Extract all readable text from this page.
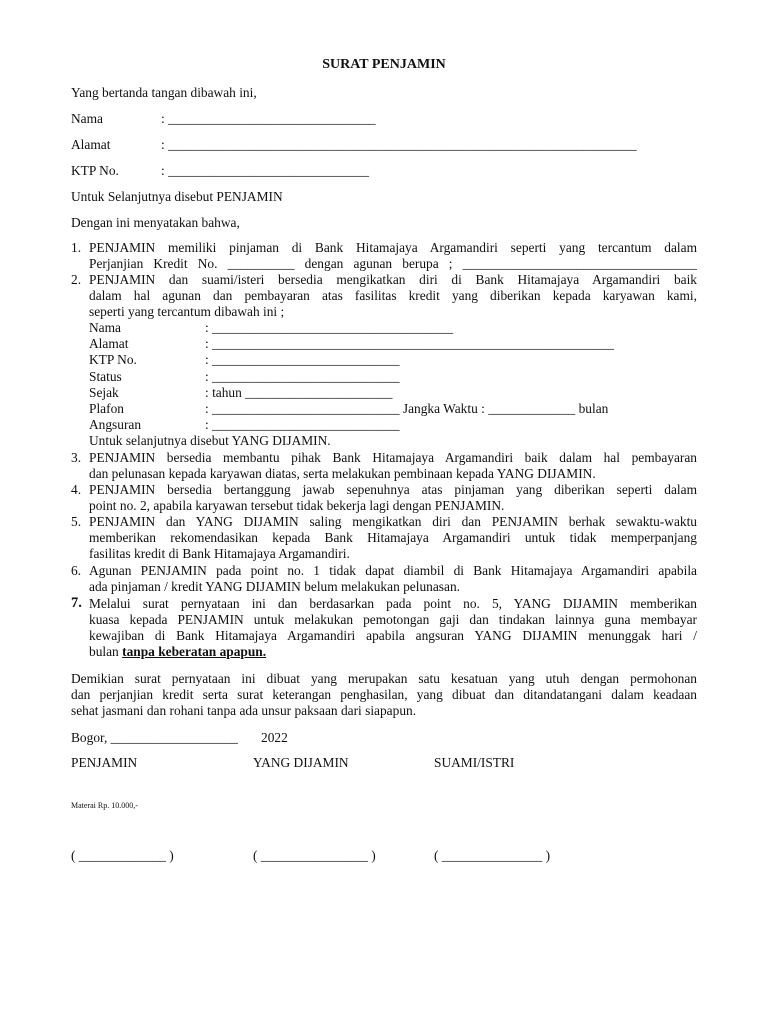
SURAT PENJAMIN
Yang bertanda tangan dibawah ini,
Nama	: _______________________________
Alamat	: ______________________________________________________________________
KTP No.	: ______________________________
Untuk Selanjutnya disebut PENJAMIN
Dengan ini menyatakan bahwa,
1. PENJAMIN memiliki pinjaman di Bank Hitamajaya Argamandiri seperti yang tercantum dalam
Perjanjian Kredit No. __________ dengan agunan berupa ; ___________________________________
2. PENJAMIN dan suami/isteri bersedia mengikatkan diri di Bank Hitamajaya Argamandiri baik
dalam hal agunan dan pembayaran atas fasilitas kredit yang diberikan kepada karyawan kami,
seperti yang tercantum dibawah ini ;
Nama	: ____________________________________
Alamat	: ____________________________________________________________
KTP No.	: ____________________________
Status	: ____________________________
Sejak	: tahun ______________________
Plafon	: ____________________________ Jangka Waktu : _____________ bulan
Angsuran	: ____________________________
Untuk selanjutnya disebut YANG DIJAMIN.
3. PENJAMIN bersedia membantu pihak Bank Hitamajaya Argamandiri baik dalam hal pembayaran
dan pelunasan kepada karyawan diatas, serta melakukan pembinaan kepada YANG DIJAMIN.
4. PENJAMIN bersedia bertanggung jawab sepenuhnya atas pinjaman yang diberikan seperti dalam
point no. 2, apabila karyawan tersebut tidak bekerja lagi dengan PENJAMIN.
5. PENJAMIN dan YANG DIJAMIN saling mengikatkan diri dan PENJAMIN berhak sewaktu-waktu
memberikan rekomendasikan kepada Bank Hitamajaya Argamandiri untuk tidak memperpanjang
fasilitas kredit di Bank Hitamajaya Argamandiri.
6. Agunan PENJAMIN pada point no. 1 tidak dapat diambil di Bank Hitamajaya Argamandiri apabila
ada pinjaman / kredit YANG DIJAMIN belum melakukan pelunasan.
7. Melalui surat pernyataan ini dan berdasarkan pada point no. 5, YANG DIJAMIN memberikan
kuasa kepada PENJAMIN untuk melakukan pemotongan gaji dan tindakan lainnya guna membayar
kewajiban di Bank Hitamajaya Argamandiri apabila angsuran YANG DIJAMIN menunggak hari /
bulan tanpa keberatan apapun.
Demikian surat pernyataan ini dibuat yang merupakan satu kesatuan yang utuh dengan permohonan
dan perjanjian kredit serta surat keterangan penghasilan, yang dibuat dan ditandatangani dalam keadaan
sehat jasmani dan rohani tanpa ada unsur paksaan dari siapapun.
Bogor, ___________________ 2022
PENJAMIN	YANG DIJAMIN	SUAMI/ISTRI
Materai Rp. 10.000,-
( _____________ )	( ________________ )	( _______________ )
